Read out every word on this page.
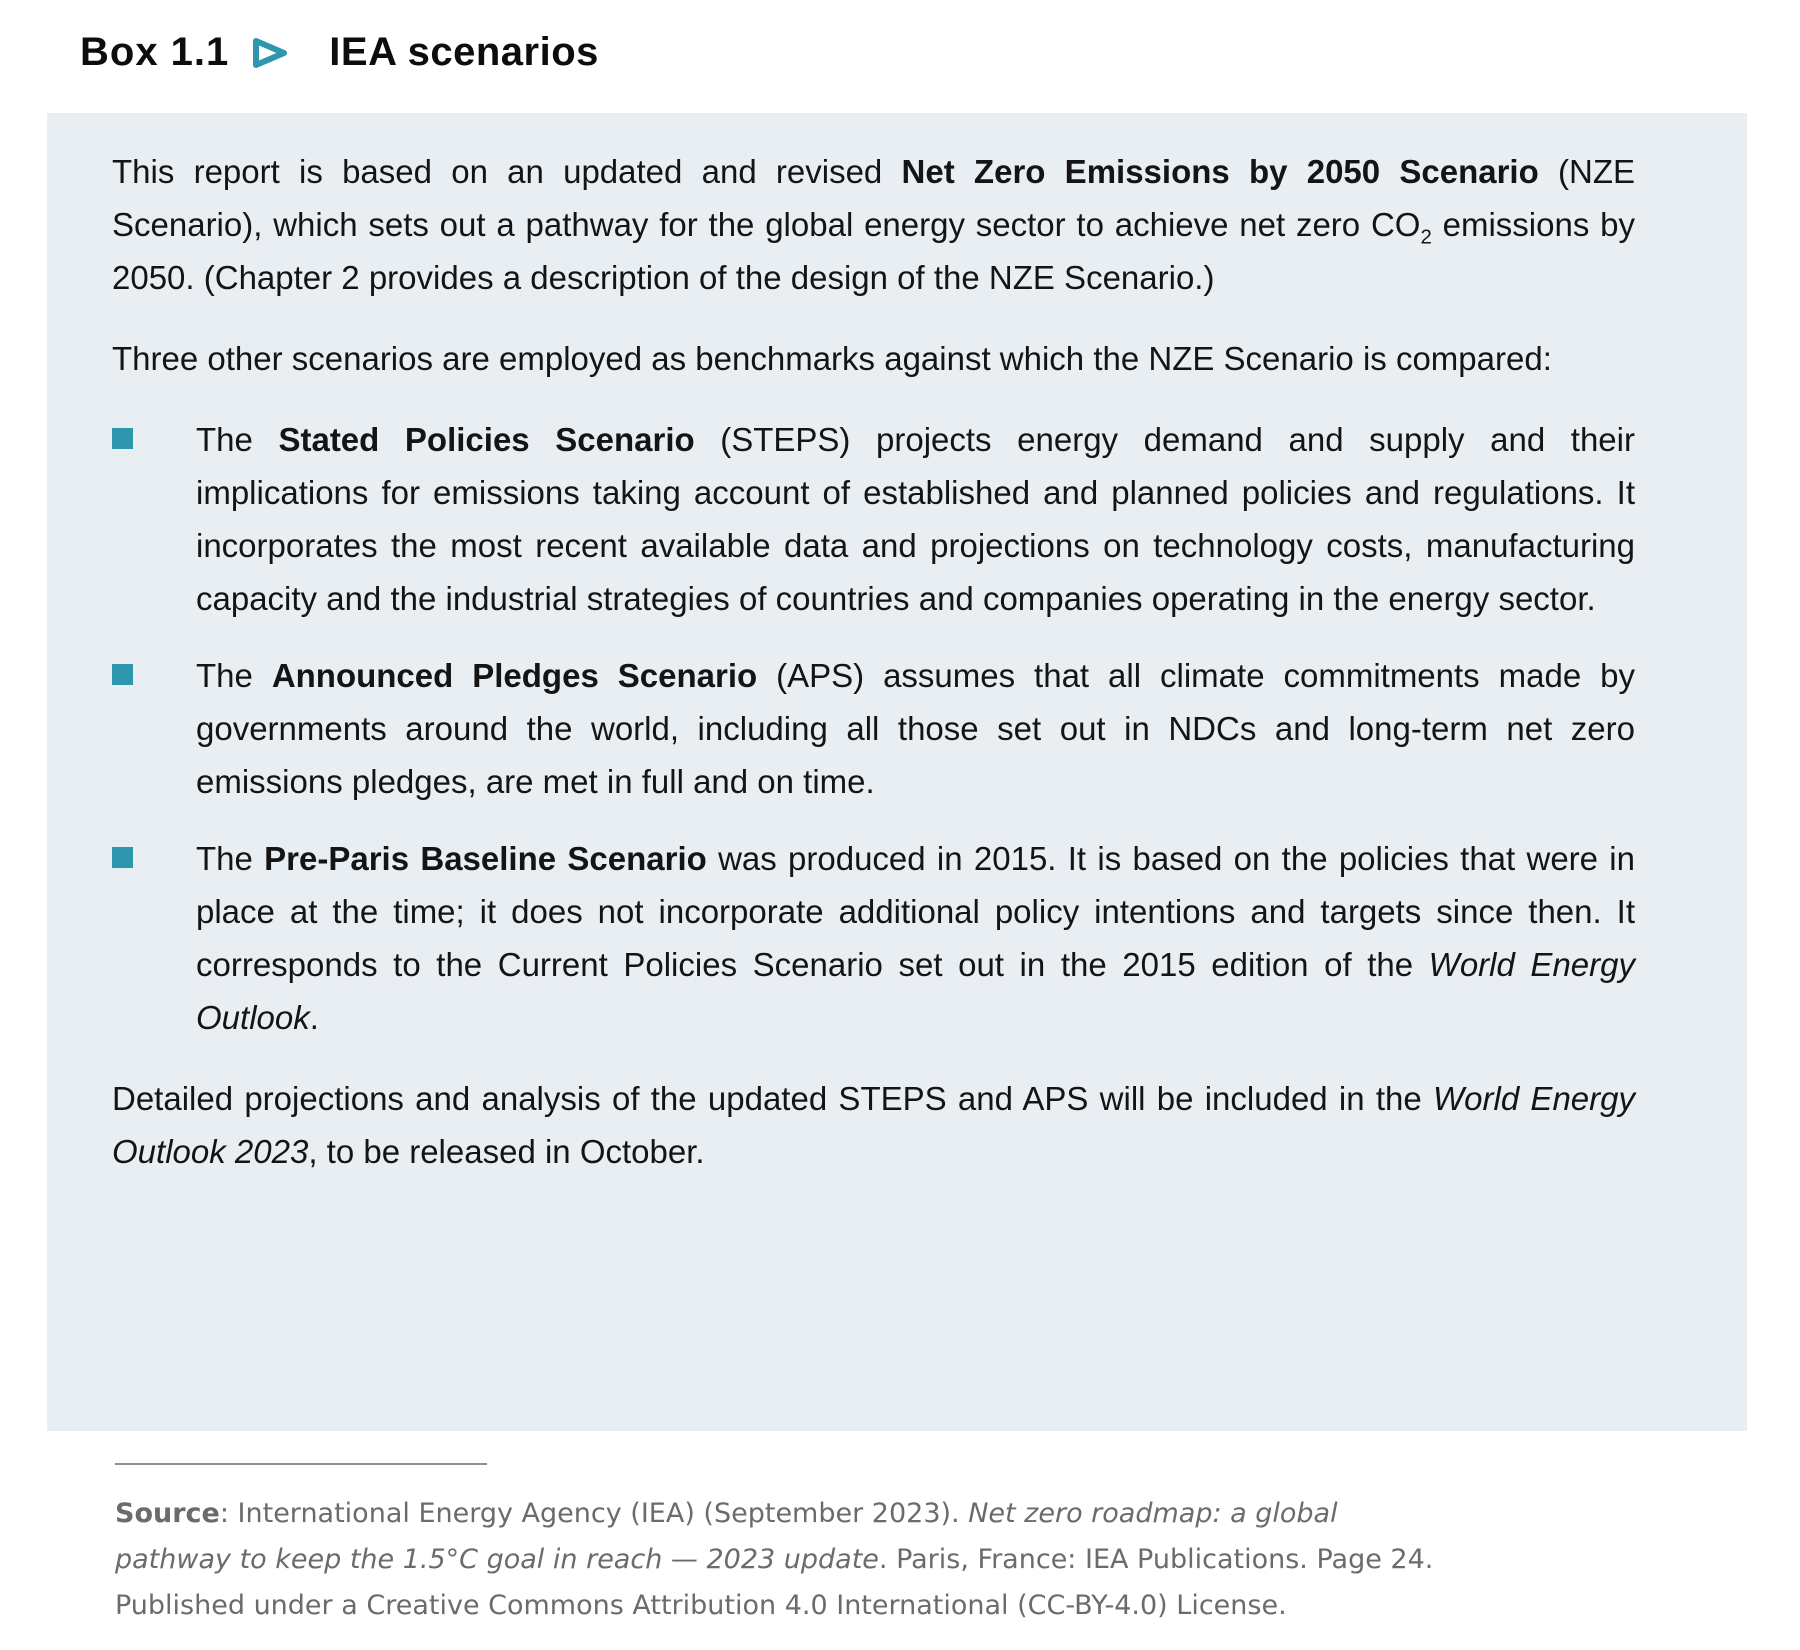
Box 1.1	IEA scenarios

This report is based on an updated and revised Net Zero Emissions by 2050 Scenario (NZE Scenario), which sets out a pathway for the global energy sector to achieve net zero $CO_2$ emissions by 2050. (Chapter 2 provides a description of the design of the NZE Scenario.)

Three other scenarios are employed as benchmarks against which the NZE Scenario is compared:

The Stated Policies Scenario (STEPS) projects energy demand and supply and their implications for emissions taking account of established and planned policies and regulations. It incorporates the most recent available data and projections on technology costs, manufacturing capacity and the industrial strategies of countries and companies operating in the energy sector.
The Announced Pledges Scenario (APS) assumes that all climate commitments made by governments around the world, including all those set out in NDCs and long-term net zero emissions pledges, are met in full and on time.
The Pre-Paris Baseline Scenario was produced in 2015. It is based on the policies that were in place at the time; it does not incorporate additional policy intentions and targets since then. It corresponds to the Current Policies Scenario set out in the 2015 edition of the World Energy Outlook.

Detailed projections and analysis of the updated STEPS and APS will be included in the World Energy Outlook 2023, to be released in October.

Source: International Energy Agency (IEA) (September 2023). Net zero roadmap: a global pathway to keep the 1.5°C goal in reach — 2023 update. Paris, France: IEA Publications. Page 24. Published under a Creative Commons Attribution 4.0 International (CC-BY-4.0) License.
